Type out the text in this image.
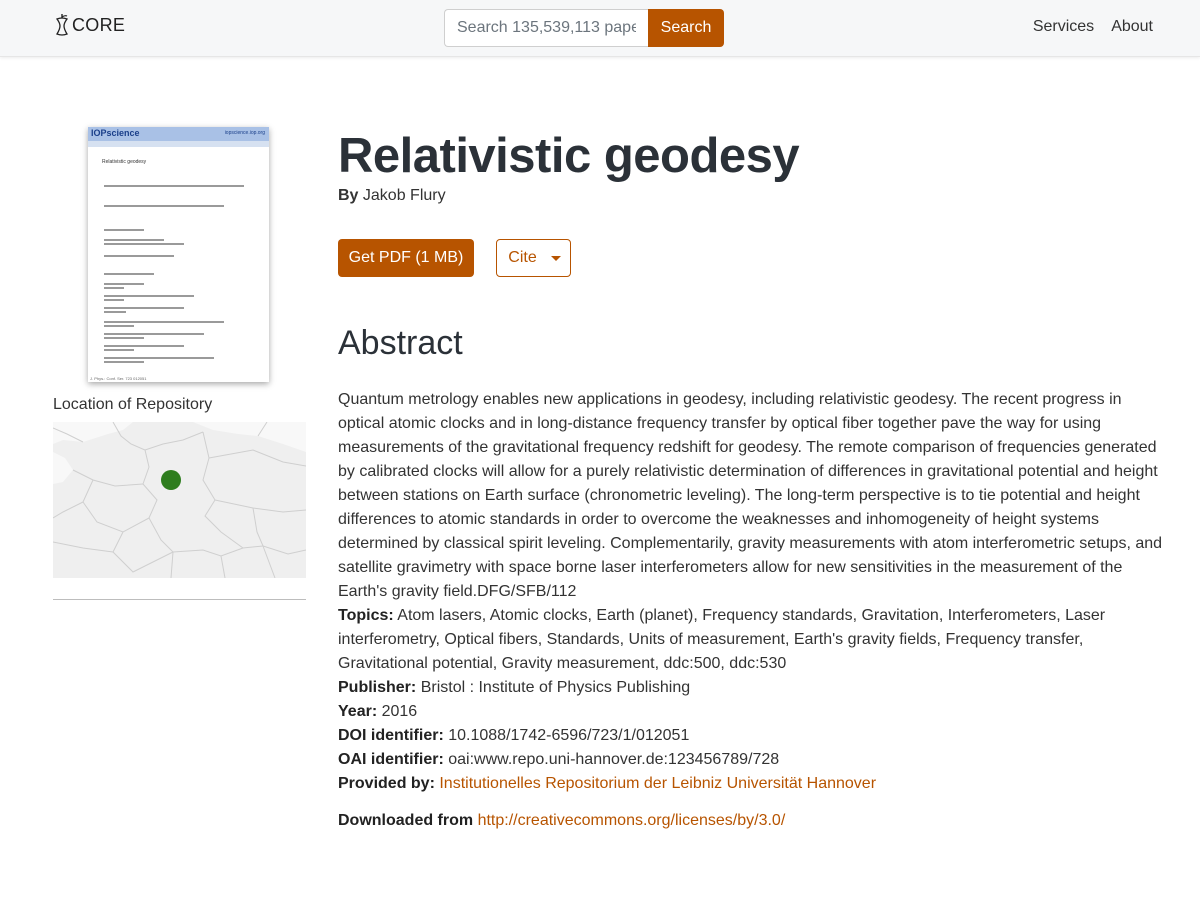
CORE
Search 135,539,113 papers	Search	Services About
IOPscience	iopscience.iop.org
Relativistic geodesy
J. Phys.: Conf. Ser. 723 012051
Location of Repository
Relativistic geodesy
By Jakob Flury
Get PDF (1 MB)	Cite
Abstract

Quantum metrology enables new applications in geodesy, including relativistic geodesy. The recent progress in optical atomic clocks and in long-distance frequency transfer by optical fiber together pave the way for using measurements of the gravitational frequency redshift for geodesy. The remote comparison of frequencies generated by calibrated clocks will allow for a purely relativistic determination of differences in gravitational potential and height between stations on Earth surface (chronometric leveling). The long-term perspective is to tie potential and height differences to atomic standards in order to overcome the weaknesses and inhomogeneity of height systems determined by classical spirit leveling. Complementarily, gravity measurements with atom interferometric setups, and satellite gravimetry with space borne laser interferometers allow for new sensitivities in the measurement of the Earth's gravity field.DFG/SFB/112

Topics: Atom lasers, Atomic clocks, Earth (planet), Frequency standards, Gravitation, Interferometers, Laser interferometry, Optical fibers, Standards, Units of measurement, Earth's gravity fields, Frequency transfer, Gravitational potential, Gravity measurement, ddc:500, ddc:530
Publisher: Bristol : Institute of Physics Publishing
Year: 2016
DOI identifier: 10.1088/1742-6596/723/1/012051
OAI identifier: oai:www.repo.uni-hannover.de:123456789/728
Provided by: Institutionelles Repositorium der Leibniz Universität Hannover
Downloaded from http://creativecommons.org/licenses/by/3.0/
